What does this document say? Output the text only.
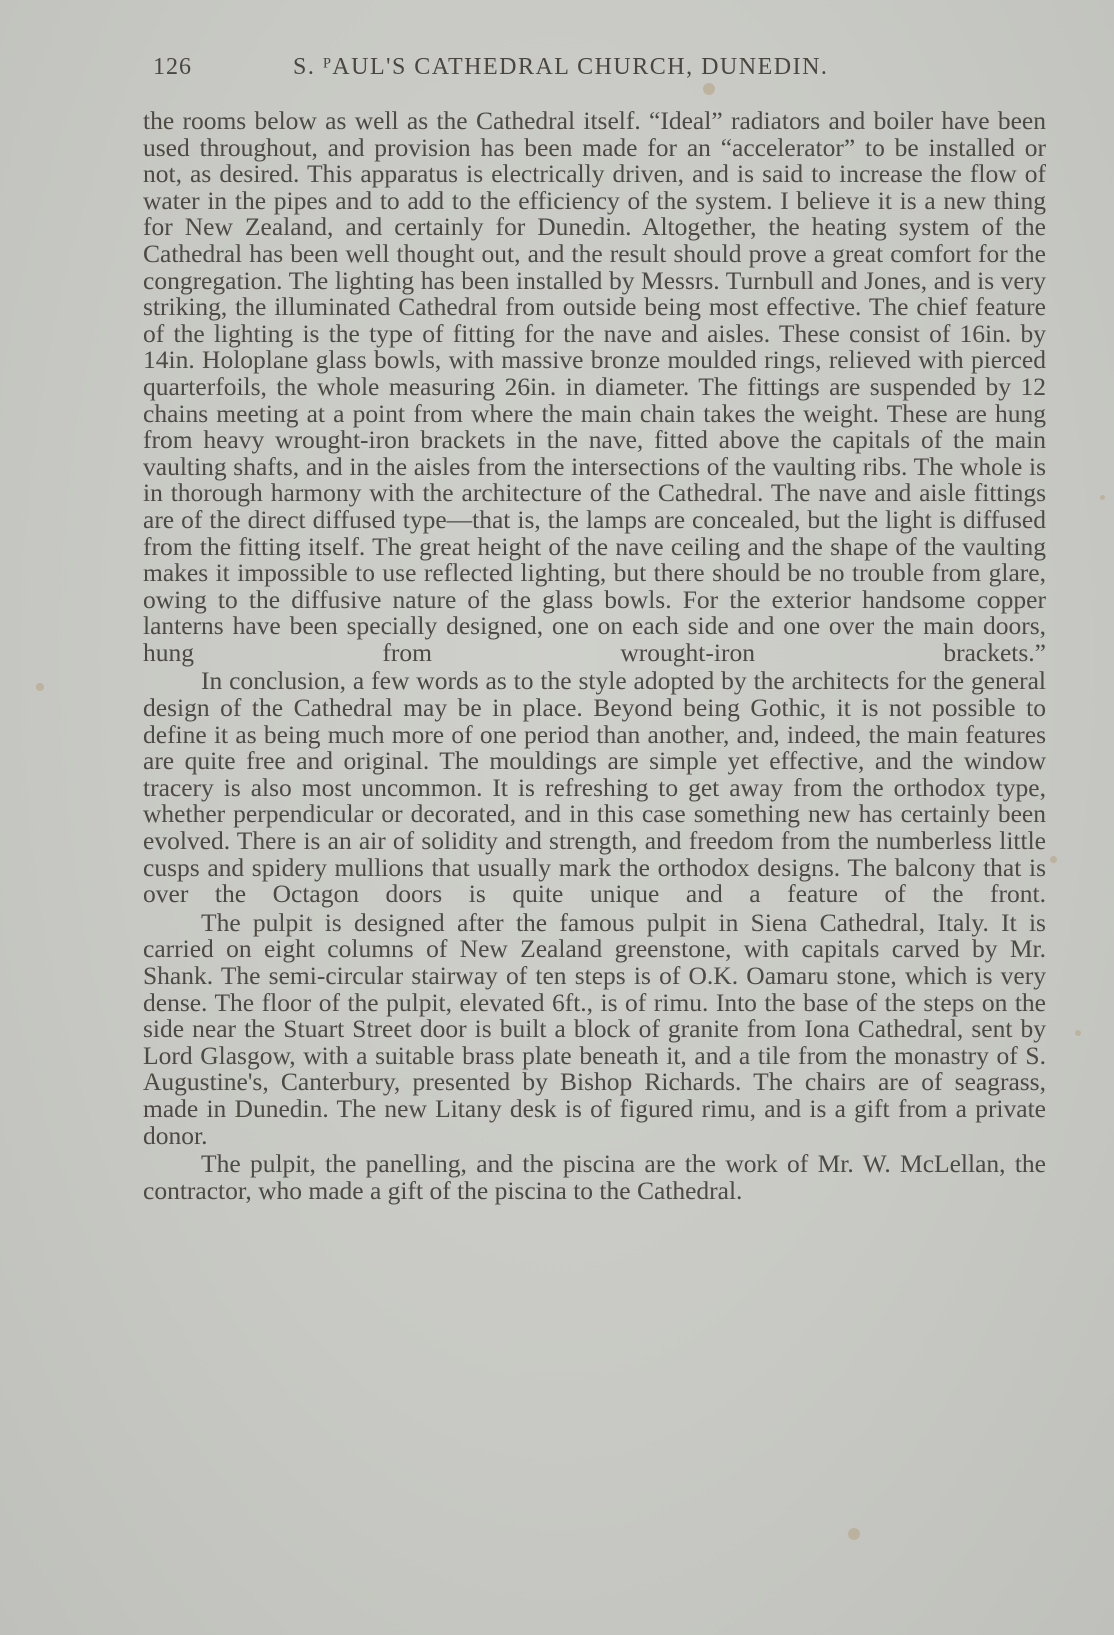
126	S. ᴾAUL'S CATHEDRAL CHURCH, DUNEDIN.

the rooms below as well as the Cathedral itself. “Ideal” radiators and boiler have been used throughout, and provision has been made for an “accelerator” to be installed or not, as desired. This apparatus is electrically driven, and is said to increase the flow of water in the pipes and to add to the efficiency of the system. I believe it is a new thing for New Zealand, and certainly for Dunedin. Altogether, the heating system of the Cathedral has been well thought out, and the result should prove a great comfort for the congregation. The lighting has been installed by Messrs. Turnbull and Jones, and is very striking, the illuminated Cathedral from outside being most effective. The chief feature of the lighting is the type of fitting for the nave and aisles. These consist of 16in. by 14in. Holoplane glass bowls, with massive bronze moulded rings, relieved with pierced quarterfoils, the whole measuring 26in. in diameter. The fittings are suspended by 12 chains meeting at a point from where the main chain takes the weight. These are hung from heavy wrought-iron brackets in the nave, fitted above the capitals of the main vaulting shafts, and in the aisles from the intersections of the vaulting ribs. The whole is in thorough harmony with the architecture of the Cathedral. The nave and aisle fittings are of the direct diffused type—that is, the lamps are concealed, but the light is diffused from the fitting itself. The great height of the nave ceiling and the shape of the vaulting makes it impossible to use reflected lighting, but there should be no trouble from glare, owing to the diffusive nature of the glass bowls. For the exterior handsome copper lanterns have been specially designed, one on each side and one over the main doors, hung from wrought-iron brackets.”

In conclusion, a few words as to the style adopted by the architects for the general design of the Cathedral may be in place. Beyond being Gothic, it is not possible to define it as being much more of one period than another, and, indeed, the main features are quite free and original. The mouldings are simple yet effective, and the window tracery is also most uncommon. It is refreshing to get away from the orthodox type, whether perpendicular or decorated, and in this case something new has certainly been evolved. There is an air of solidity and strength, and freedom from the numberless little cusps and spidery mullions that usually mark the orthodox designs. The balcony that is over the Octagon doors is quite unique and a feature of the front.

The pulpit is designed after the famous pulpit in Siena Cathedral, Italy. It is carried on eight columns of New Zealand greenstone, with capitals carved by Mr. Shank. The semi-circular stairway of ten steps is of O.K. Oamaru stone, which is very dense. The floor of the pulpit, elevated 6ft., is of rimu. Into the base of the steps on the side near the Stuart Street door is built a block of granite from Iona Cathedral, sent by Lord Glasgow, with a suitable brass plate beneath it, and a tile from the monastry of S. Augustine's, Canterbury, presented by Bishop Richards. The chairs are of seagrass, made in Dunedin. The new Litany desk is of figured rimu, and is a gift from a private donor.

The pulpit, the panelling, and the piscina are the work of Mr. W. McLellan, the contractor, who made a gift of the piscina to the Cathedral.
